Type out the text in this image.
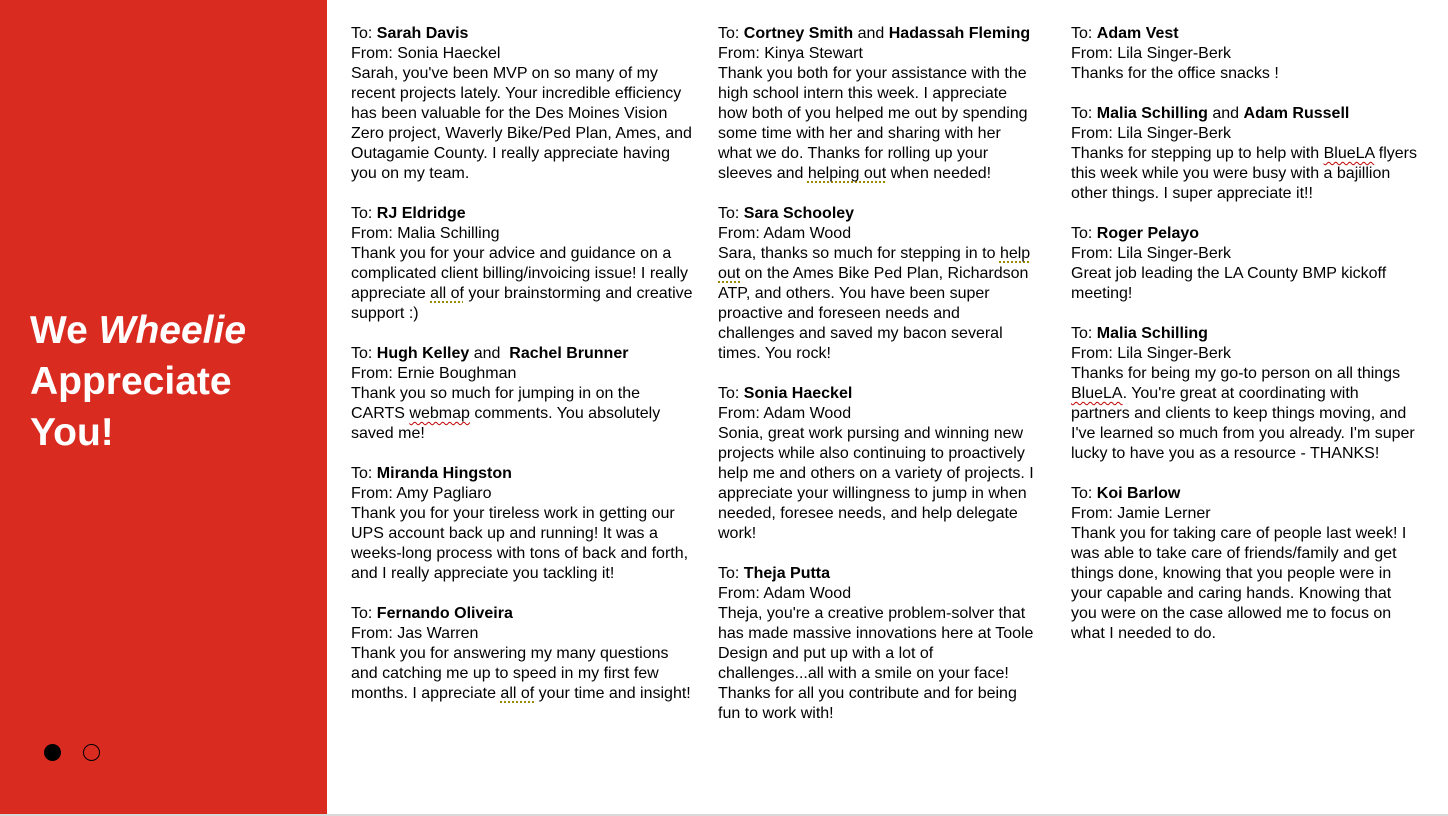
We Wheelie
Appreciate
You!
To: Sarah Davis
From: Sonia Haeckel
Sarah, you've been MVP on so many of my recent projects lately. Your incredible efficiency has been valuable for the Des Moines Vision Zero project, Waverly Bike/Ped Plan, Ames, and Outagamie County. I really appreciate having you on my team.
To: RJ Eldridge
From: Malia Schilling
Thank you for your advice and guidance on a complicated client billing/invoicing issue! I really appreciate all of your brainstorming and creative support :)
To: Hugh Kelley and  Rachel Brunner
From: Ernie Boughman
Thank you so much for jumping in on the CARTS webmap comments. You absolutely saved me!
To: Miranda Hingston
From: Amy Pagliaro
Thank you for your tireless work in getting our UPS account back up and running! It was a weeks-long process with tons of back and forth, and I really appreciate you tackling it!
To: Fernando Oliveira
From: Jas Warren
Thank you for answering my many questions and catching me up to speed in my first few months. I appreciate all of your time and insight!
To: Cortney Smith and Hadassah Fleming
From: Kinya Stewart
Thank you both for your assistance with the high school intern this week. I appreciate how both of you helped me out by spending some time with her and sharing with her what we do. Thanks for rolling up your sleeves and helping out when needed!
To: Sara Schooley
From: Adam Wood
Sara, thanks so much for stepping in to help out on the Ames Bike Ped Plan, Richardson ATP, and others. You have been super proactive and foreseen needs and challenges and saved my bacon several times. You rock!
To: Sonia Haeckel
From: Adam Wood
Sonia, great work pursing and winning new projects while also continuing to proactively help me and others on a variety of projects. I appreciate your willingness to jump in when needed, foresee needs, and help delegate work!
To: Theja Putta
From: Adam Wood
Theja, you're a creative problem-solver that has made massive innovations here at Toole Design and put up with a lot of challenges...all with a smile on your face! Thanks for all you contribute and for being fun to work with!
To: Adam Vest
From: Lila Singer-Berk
Thanks for the office snacks !
To: Malia Schilling and Adam Russell
From: Lila Singer-Berk
Thanks for stepping up to help with BlueLA flyers this week while you were busy with a bajillion other things. I super appreciate it!!
To: Roger Pelayo
From: Lila Singer-Berk
Great job leading the LA County BMP kickoff meeting!
To: Malia Schilling
From: Lila Singer-Berk
Thanks for being my go-to person on all things BlueLA. You're great at coordinating with partners and clients to keep things moving, and I've learned so much from you already. I'm super lucky to have you as a resource - THANKS!
To: Koi Barlow
From: Jamie Lerner
Thank you for taking care of people last week! I was able to take care of friends/family and get things done, knowing that you people were in your capable and caring hands. Knowing that you were on the case allowed me to focus on what I needed to do.
